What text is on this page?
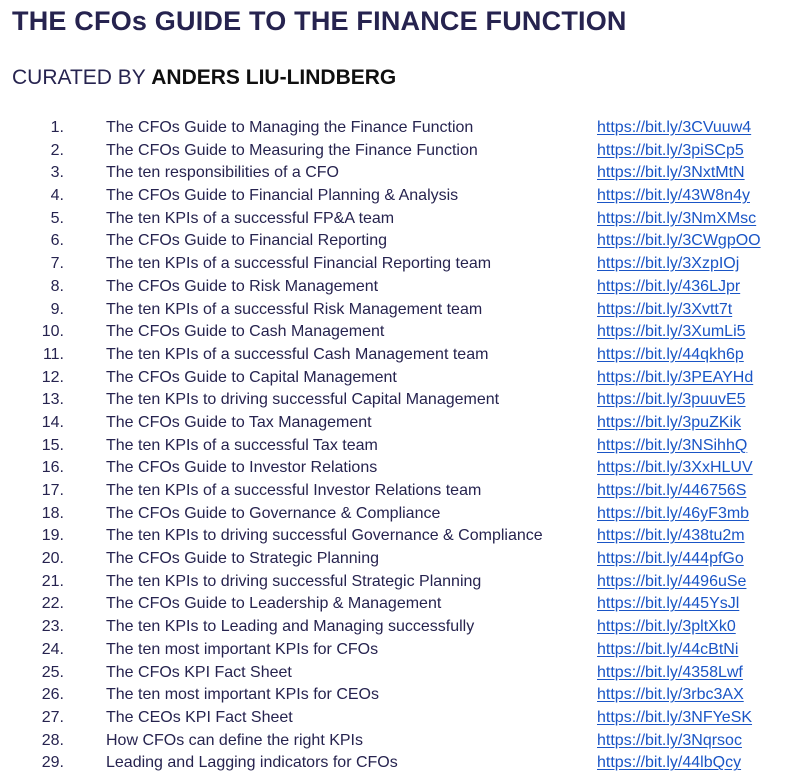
THE CFOs GUIDE TO THE FINANCE FUNCTION

CURATED BY ANDERS LIU-LINDBERG

1.	The CFOs Guide to Managing the Finance Function	https://bit.ly/3CVuuw4
2.	The CFOs Guide to Measuring the Finance Function	https://bit.ly/3piSCp5
3.	The ten responsibilities of a CFO	https://bit.ly/3NxtMtN
4.	The CFOs Guide to Financial Planning & Analysis	https://bit.ly/43W8n4y
5.	The ten KPIs of a successful FP&A team	https://bit.ly/3NmXMsc
6.	The CFOs Guide to Financial Reporting	https://bit.ly/3CWgpOO
7.	The ten KPIs of a successful Financial Reporting team	https://bit.ly/3XzpIOj
8.	The CFOs Guide to Risk Management	https://bit.ly/436LJpr
9.	The ten KPIs of a successful Risk Management team	https://bit.ly/3Xvtt7t
10.	The CFOs Guide to Cash Management	https://bit.ly/3XumLi5
11.	The ten KPIs of a successful Cash Management team	https://bit.ly/44qkh6p
12.	The CFOs Guide to Capital Management	https://bit.ly/3PEAYHd
13.	The ten KPIs to driving successful Capital Management	https://bit.ly/3puuvE5
14.	The CFOs Guide to Tax Management	https://bit.ly/3puZKik
15.	The ten KPIs of a successful Tax team	https://bit.ly/3NSihhQ
16.	The CFOs Guide to Investor Relations	https://bit.ly/3XxHLUV
17.	The ten KPIs of a successful Investor Relations team	https://bit.ly/446756S
18.	The CFOs Guide to Governance & Compliance	https://bit.ly/46yF3mb
19.	The ten KPIs to driving successful Governance & Compliance	https://bit.ly/438tu2m
20.	The CFOs Guide to Strategic Planning	https://bit.ly/444pfGo
21.	The ten KPIs to driving successful Strategic Planning	https://bit.ly/4496uSe
22.	The CFOs Guide to Leadership & Management	https://bit.ly/445YsJl
23.	The ten KPIs to Leading and Managing successfully	https://bit.ly/3pltXk0
24.	The ten most important KPIs for CFOs	https://bit.ly/44cBtNi
25.	The CFOs KPI Fact Sheet	https://bit.ly/4358Lwf
26.	The ten most important KPIs for CEOs	https://bit.ly/3rbc3AX
27.	The CEOs KPI Fact Sheet	https://bit.ly/3NFYeSK
28.	How CFOs can define the right KPIs	https://bit.ly/3Nqrsoc
29.	Leading and Lagging indicators for CFOs	https://bit.ly/44lbQcy
